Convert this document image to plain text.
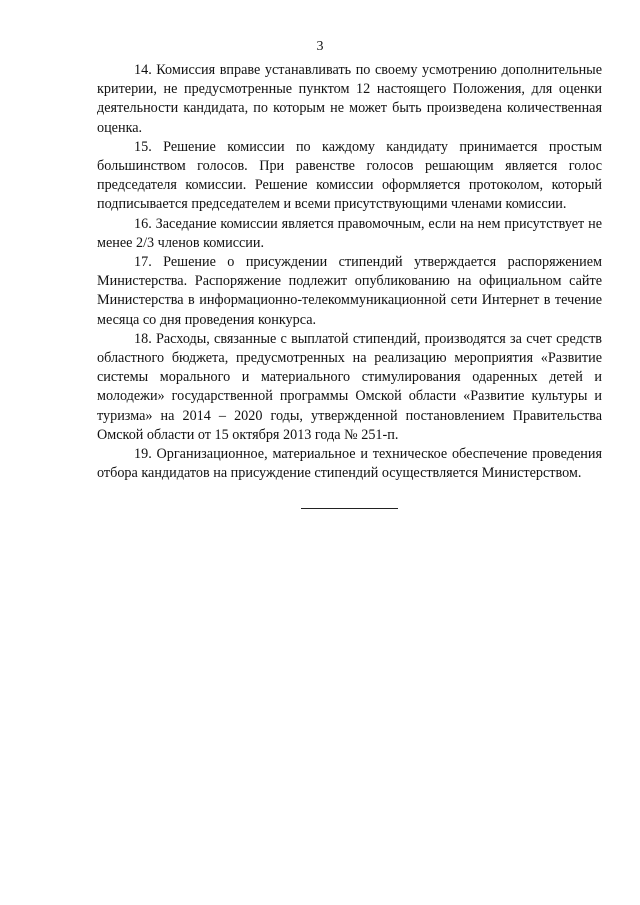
3

14. Комиссия вправе устанавливать по своему усмотрению дополнительные критерии, не предусмотренные пунктом 12 настоящего Положения, для оценки деятельности кандидата, по которым не может быть произведена количественная оценка.

15. Решение комиссии по каждому кандидату принимается простым большинством голосов. При равенстве голосов решающим является голос председателя комиссии. Решение комиссии оформляется протоколом, который подписывается председателем и всеми присутствующими членами комиссии.

16. Заседание комиссии является правомочным, если на нем присутствует не менее 2/3 членов комиссии.

17. Решение о присуждении стипендий утверждается распоряжением Министерства. Распоряжение подлежит опубликованию на официальном сайте Министерства в информационно-телекоммуникационной сети Интернет в течение месяца со дня проведения конкурса.

18. Расходы, связанные с выплатой стипендий, производятся за счет средств областного бюджета, предусмотренных на реализацию мероприятия «Развитие системы морального и материального стимулирования одаренных детей и молодежи» государственной программы Омской области «Развитие культуры и туризма» на 2014 – 2020 годы, утвержденной постановлением Правительства Омской области от 15 октября 2013 года № 251-п.

19. Организационное, материальное и техническое обеспечение проведения отбора кандидатов на присуждение стипендий осуществляется Министерством.
